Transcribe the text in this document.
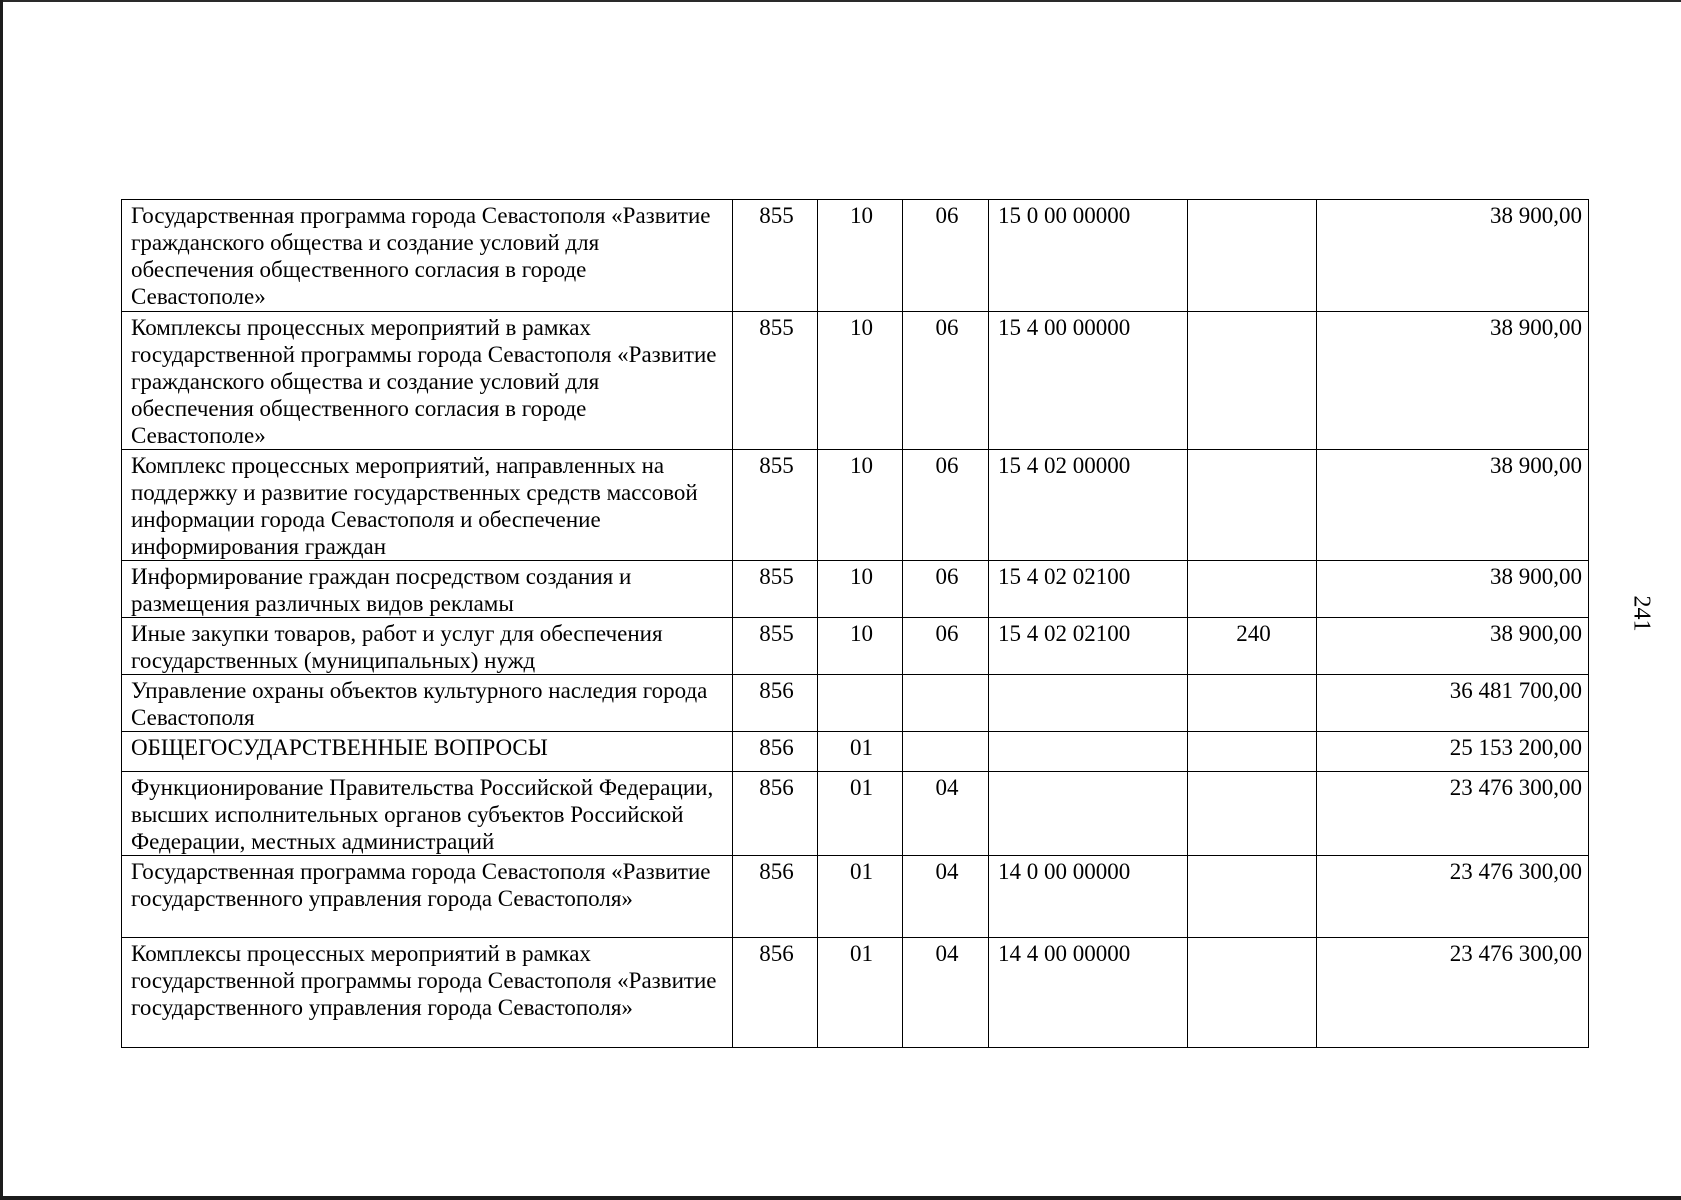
Государственная программа города Севастополя «Развитие гражданского общества и создание условий для обеспечения общественного согласия в городе Севастополе»	855	10	06	15 0 00 00000		38 900,00
Комплексы процессных мероприятий в рамках государственной программы города Севастополя «Развитие гражданского общества и создание условий для обеспечения общественного согласия в городе Севастополе»	855	10	06	15 4 00 00000		38 900,00
Комплекс процессных мероприятий, направленных на поддержку и развитие государственных средств массовой информации города Севастополя и обеспечение информирования граждан	855	10	06	15 4 02 00000		38 900,00
Информирование граждан посредством создания и размещения различных видов рекламы	855	10	06	15 4 02 02100		38 900,00
Иные закупки товаров, работ и услуг для обеспечения государственных (муниципальных) нужд	855	10	06	15 4 02 02100	240	38 900,00
Управление охраны объектов культурного наследия города Севастополя	856					36 481 700,00
ОБЩЕГОСУДАРСТВЕННЫЕ ВОПРОСЫ	856	01				25 153 200,00
Функционирование Правительства Российской Федерации, высших исполнительных органов субъектов Российской Федерации, местных администраций	856	01	04			23 476 300,00
Государственная программа города Севастополя «Развитие государственного управления города Севастополя»	856	01	04	14 0 00 00000		23 476 300,00
Комплексы процессных мероприятий в рамках государственной программы города Севастополя «Развитие государственного управления города Севастополя»	856	01	04	14 4 00 00000		23 476 300,00
241
